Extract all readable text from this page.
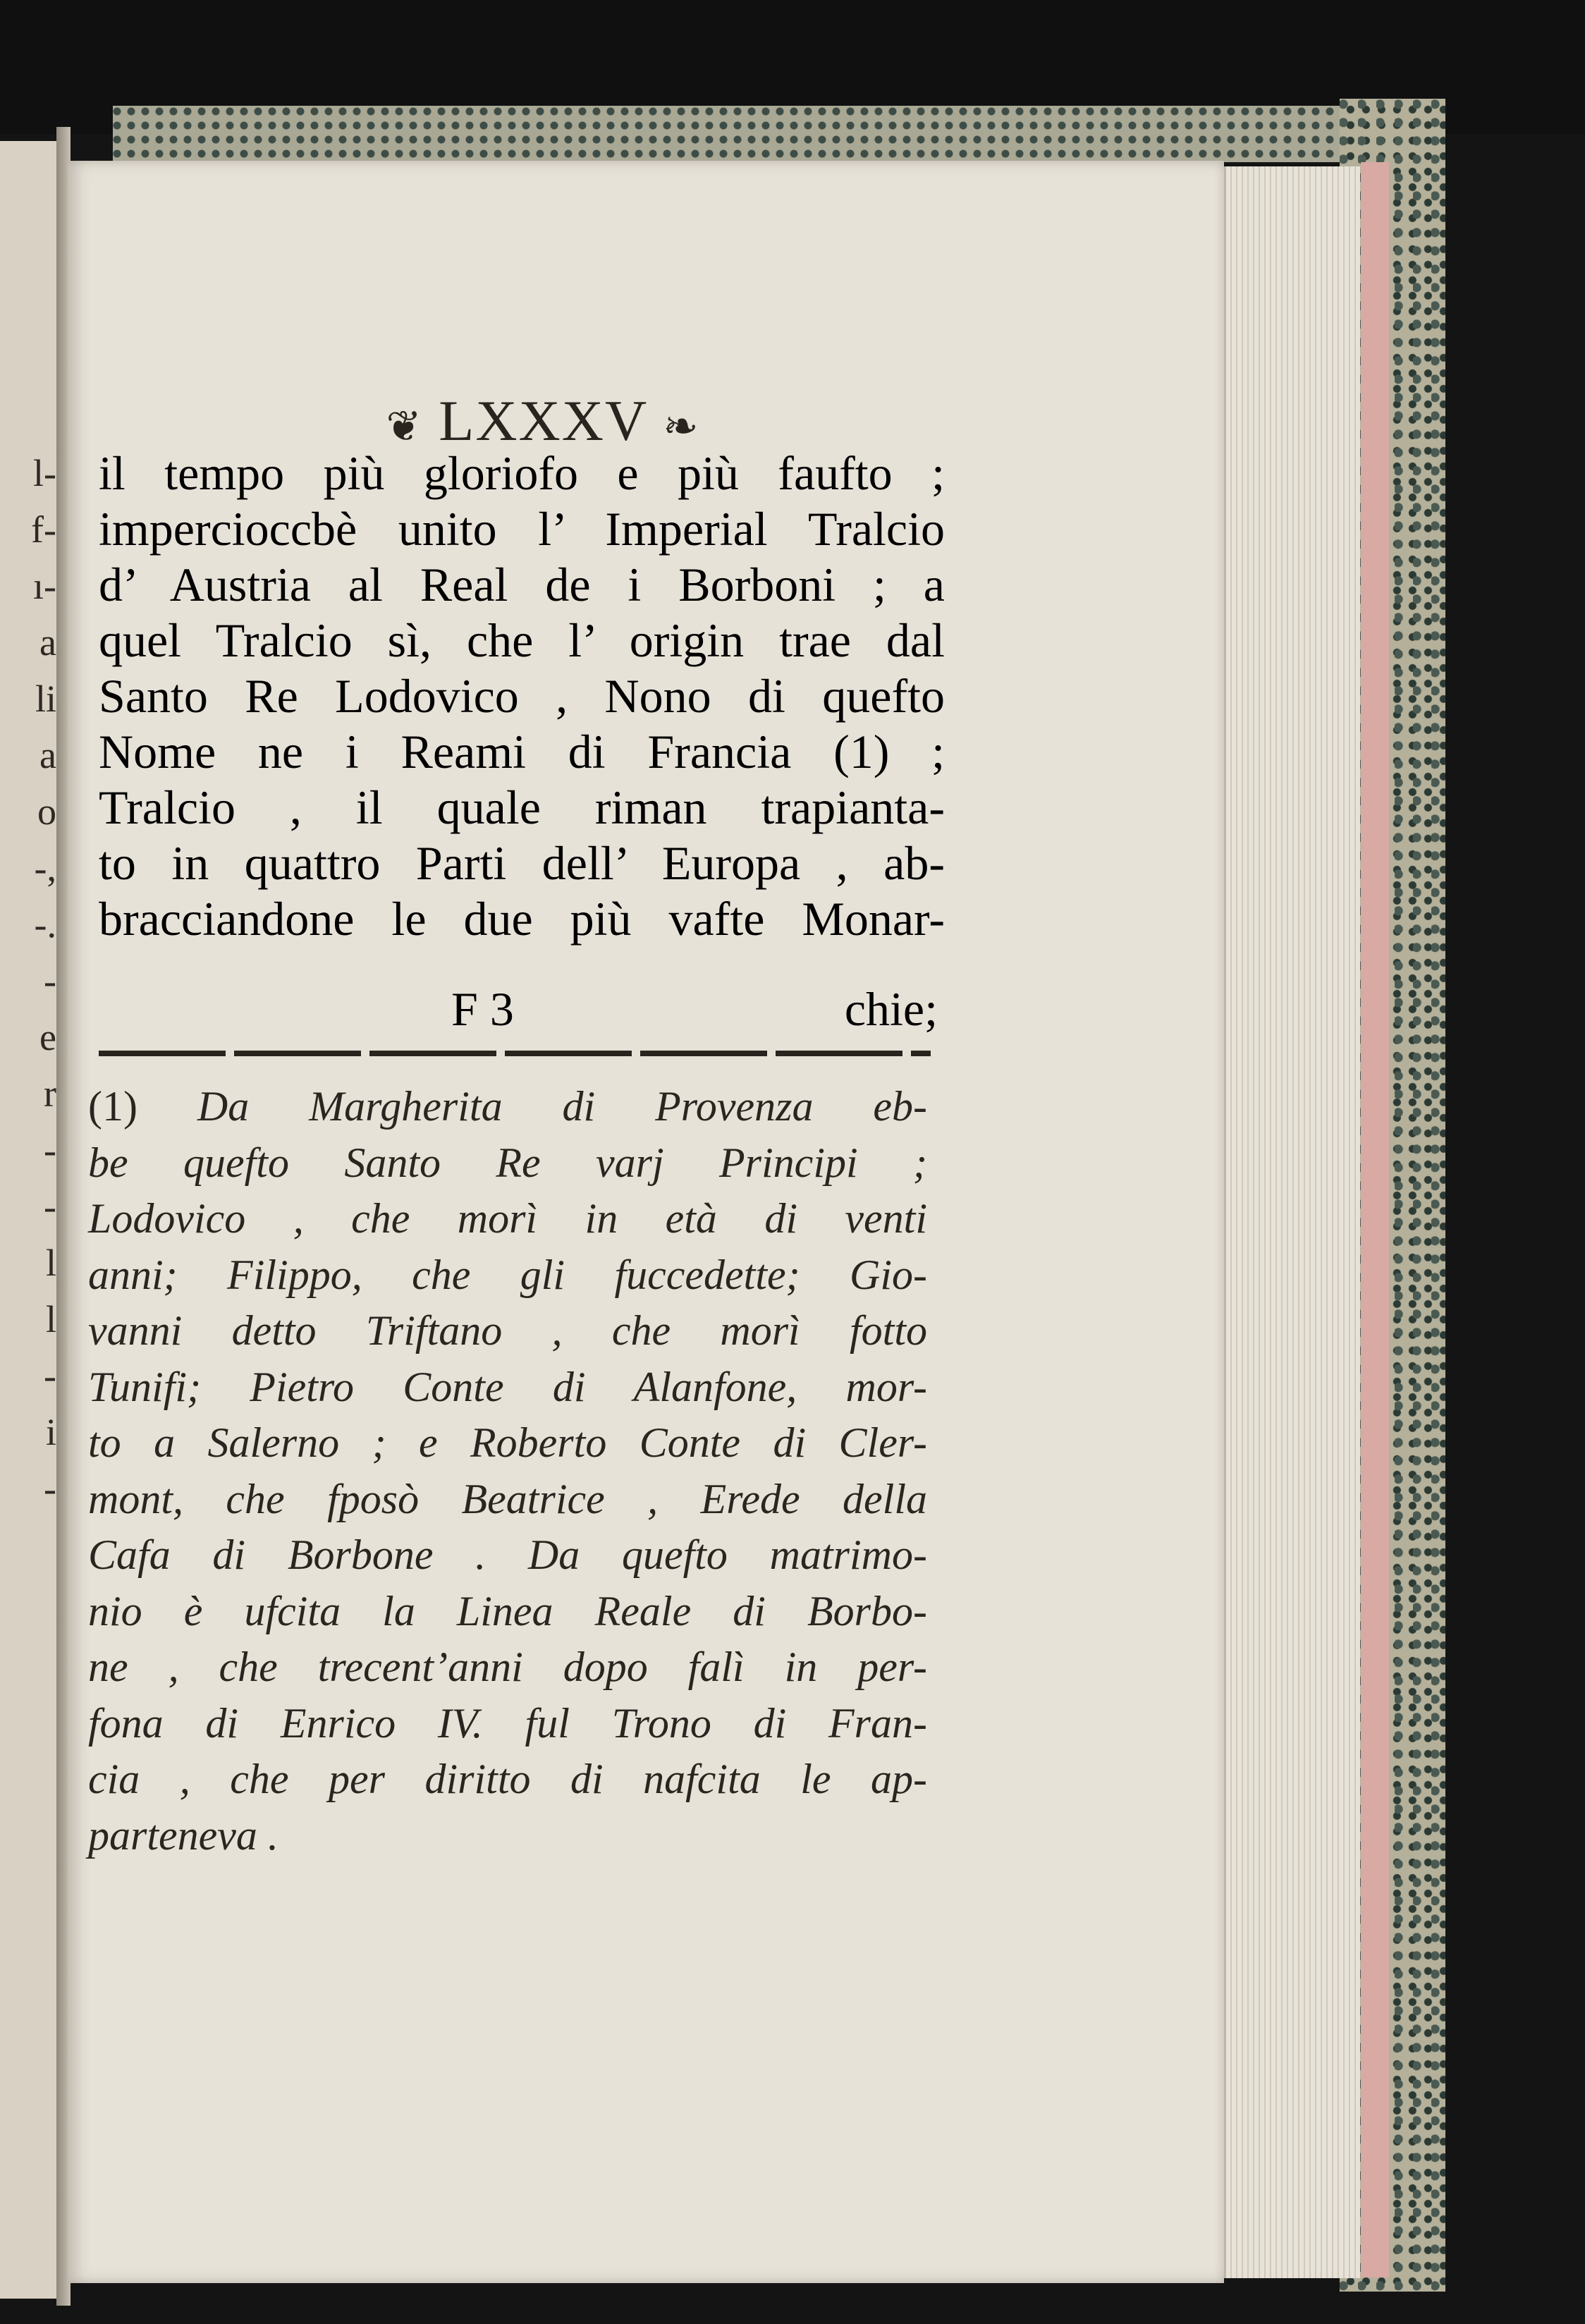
l-
f-
ı-
a
li
a
o
-,
-.
-
e
r
-
-
l
l
-
i
-
❦ LXXXV ❧
il tempo più gloriofo e più faufto ;
impercioccbè unito l’ Imperial Tralcio
d’ Austria al Real de i Borboni ; a
quel Tralcio sì, che l’ origin trae dal
Santo Re Lodovico , Nono di quefto
Nome ne i Reami di Francia (1) ;
Tralcio , il quale riman trapianta-
to in quattro Parti dell’ Europa , ab-
bracciandone le due più vafte Monar-
F 3	chie;
(1) Da Margherita di Provenza eb-
be quefto Santo Re varj Principi ;
Lodovico , che morì in età di venti
anni; Filippo, che gli fuccedette; Gio-
vanni detto Triftano , che morì fotto
Tunifi; Pietro Conte di Alanfone, mor-
to a Salerno ; e Roberto Conte di Cler-
mont, che fposò Beatrice , Erede della
Cafa di Borbone . Da quefto matrimo-
nio è ufcita la Linea Reale di Borbo-
ne , che trecent’anni dopo falì in per-
fona di Enrico IV. ful Trono di Fran-
cia , che per diritto di nafcita le ap-
parteneva .
